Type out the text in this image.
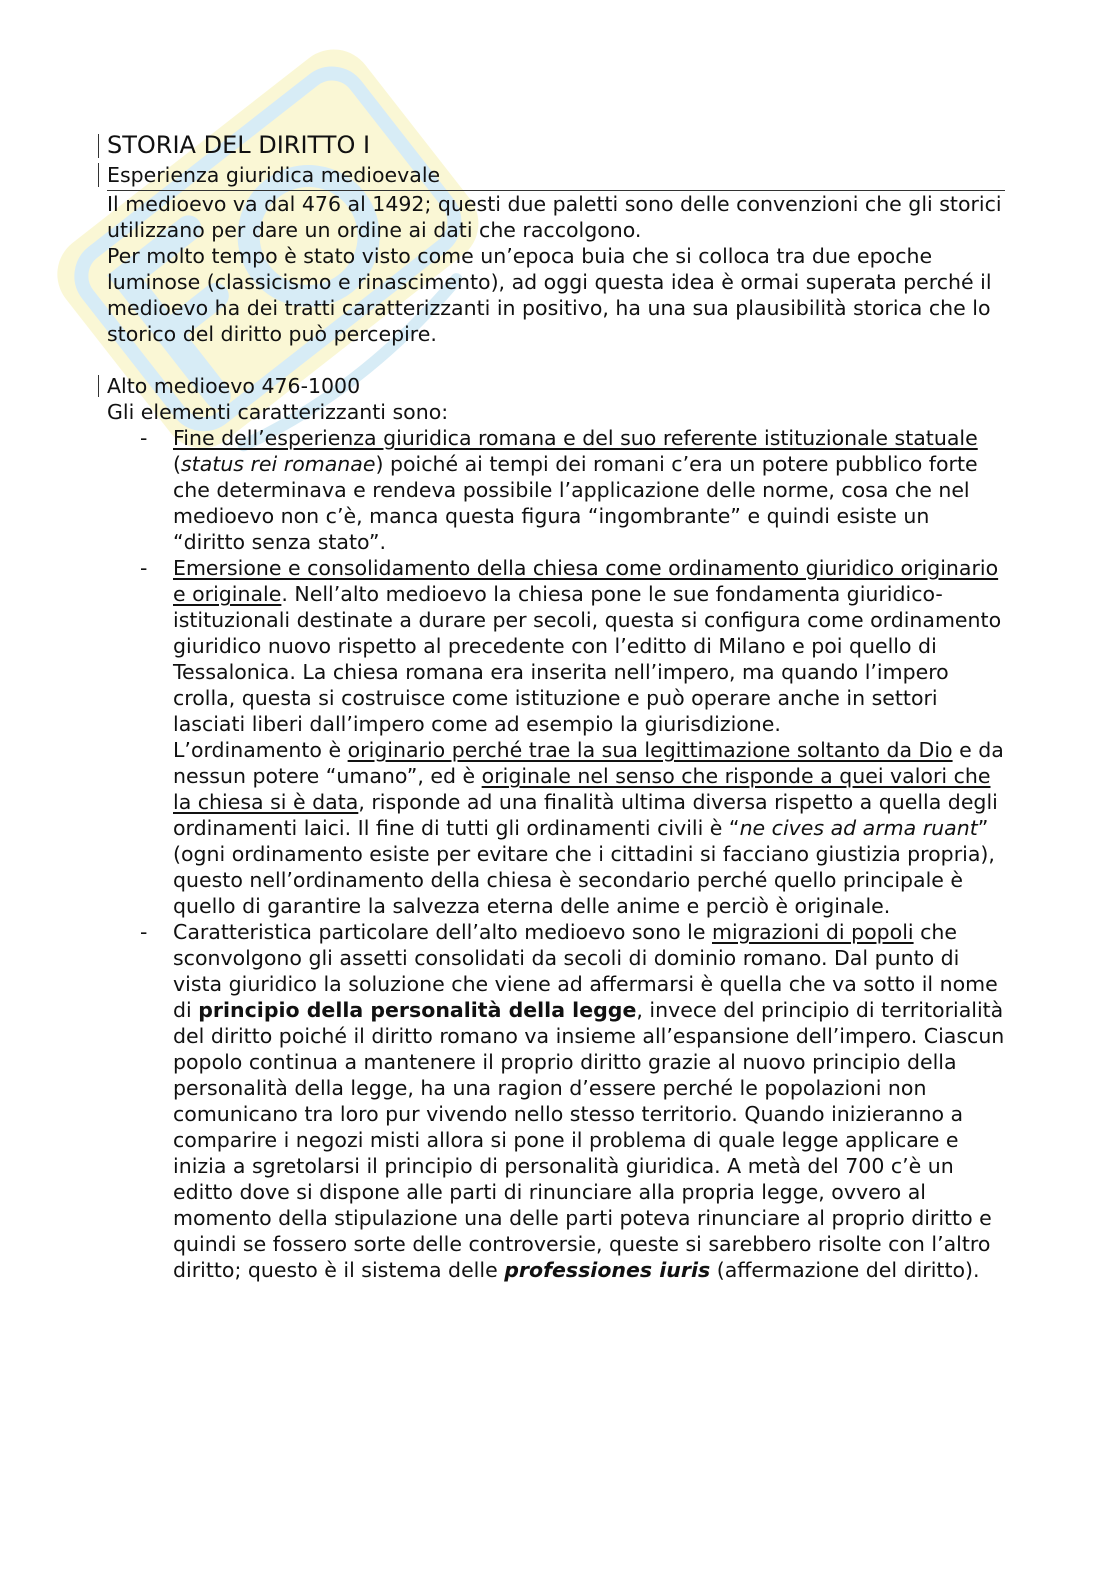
STORIA DEL DIRITTO I
Esperienza giuridica medioevale

Il medioevo va dal 476 al 1492; questi due paletti sono delle convenzioni che gli storici utilizzano per dare un ordine ai dati che raccolgono.

Per molto tempo è stato visto come un’epoca buia che si colloca tra due epoche luminose (classicismo e rinascimento), ad oggi questa idea è ormai superata perché il medioevo ha dei tratti caratterizzanti in positivo, ha una sua plausibilità storica che lo storico del diritto può percepire.

Alto medioevo 476-1000

Gli elementi caratterizzanti sono:

- Fine dell’esperienza giuridica romana e del suo referente istituzionale statuale (status rei romanae) poiché ai tempi dei romani c’era un potere pubblico forte che determinava e rendeva possibile l’applicazione delle norme, cosa che nel medioevo non c’è, manca questa figura “ingombrante” e quindi esiste un “diritto senza stato”.
- Emersione e consolidamento della chiesa come ordinamento giuridico originario e originale. Nell’alto medioevo la chiesa pone le sue fondamenta giuridico-istituzionali destinate a durare per secoli, questa si configura come ordinamento giuridico nuovo rispetto al precedente con l’editto di Milano e poi quello di Tessalonica. La chiesa romana era inserita nell’impero, ma quando l’impero crolla, questa si costruisce come istituzione e può operare anche in settori lasciati liberi dall’impero come ad esempio la giurisdizione.
L’ordinamento è originario perché trae la sua legittimazione soltanto da Dio e da nessun potere “umano”, ed è originale nel senso che risponde a quei valori che la chiesa si è data, risponde ad una finalità ultima diversa rispetto a quella degli ordinamenti laici. Il fine di tutti gli ordinamenti civili è “ne cives ad arma ruant” (ogni ordinamento esiste per evitare che i cittadini si facciano giustizia propria), questo nell’ordinamento della chiesa è secondario perché quello principale è quello di garantire la salvezza eterna delle anime e perciò è originale.
- Caratteristica particolare dell’alto medioevo sono le migrazioni di popoli che sconvolgono gli assetti consolidati da secoli di dominio romano. Dal punto di vista giuridico la soluzione che viene ad affermarsi è quella che va sotto il nome di principio della personalità della legge, invece del principio di territorialità del diritto poiché il diritto romano va insieme all’espansione dell’impero. Ciascun popolo continua a mantenere il proprio diritto grazie al nuovo principio della personalità della legge, ha una ragion d’essere perché le popolazioni non comunicano tra loro pur vivendo nello stesso territorio. Quando inizieranno a comparire i negozi misti allora si pone il problema di quale legge applicare e inizia a sgretolarsi il principio di personalità giuridica. A metà del 700 c’è un editto dove si dispone alle parti di rinunciare alla propria legge, ovvero al momento della stipulazione una delle parti poteva rinunciare al proprio diritto e quindi se fossero sorte delle controversie, queste si sarebbero risolte con l’altro diritto; questo è il sistema delle professiones iuris (affermazione del diritto).
